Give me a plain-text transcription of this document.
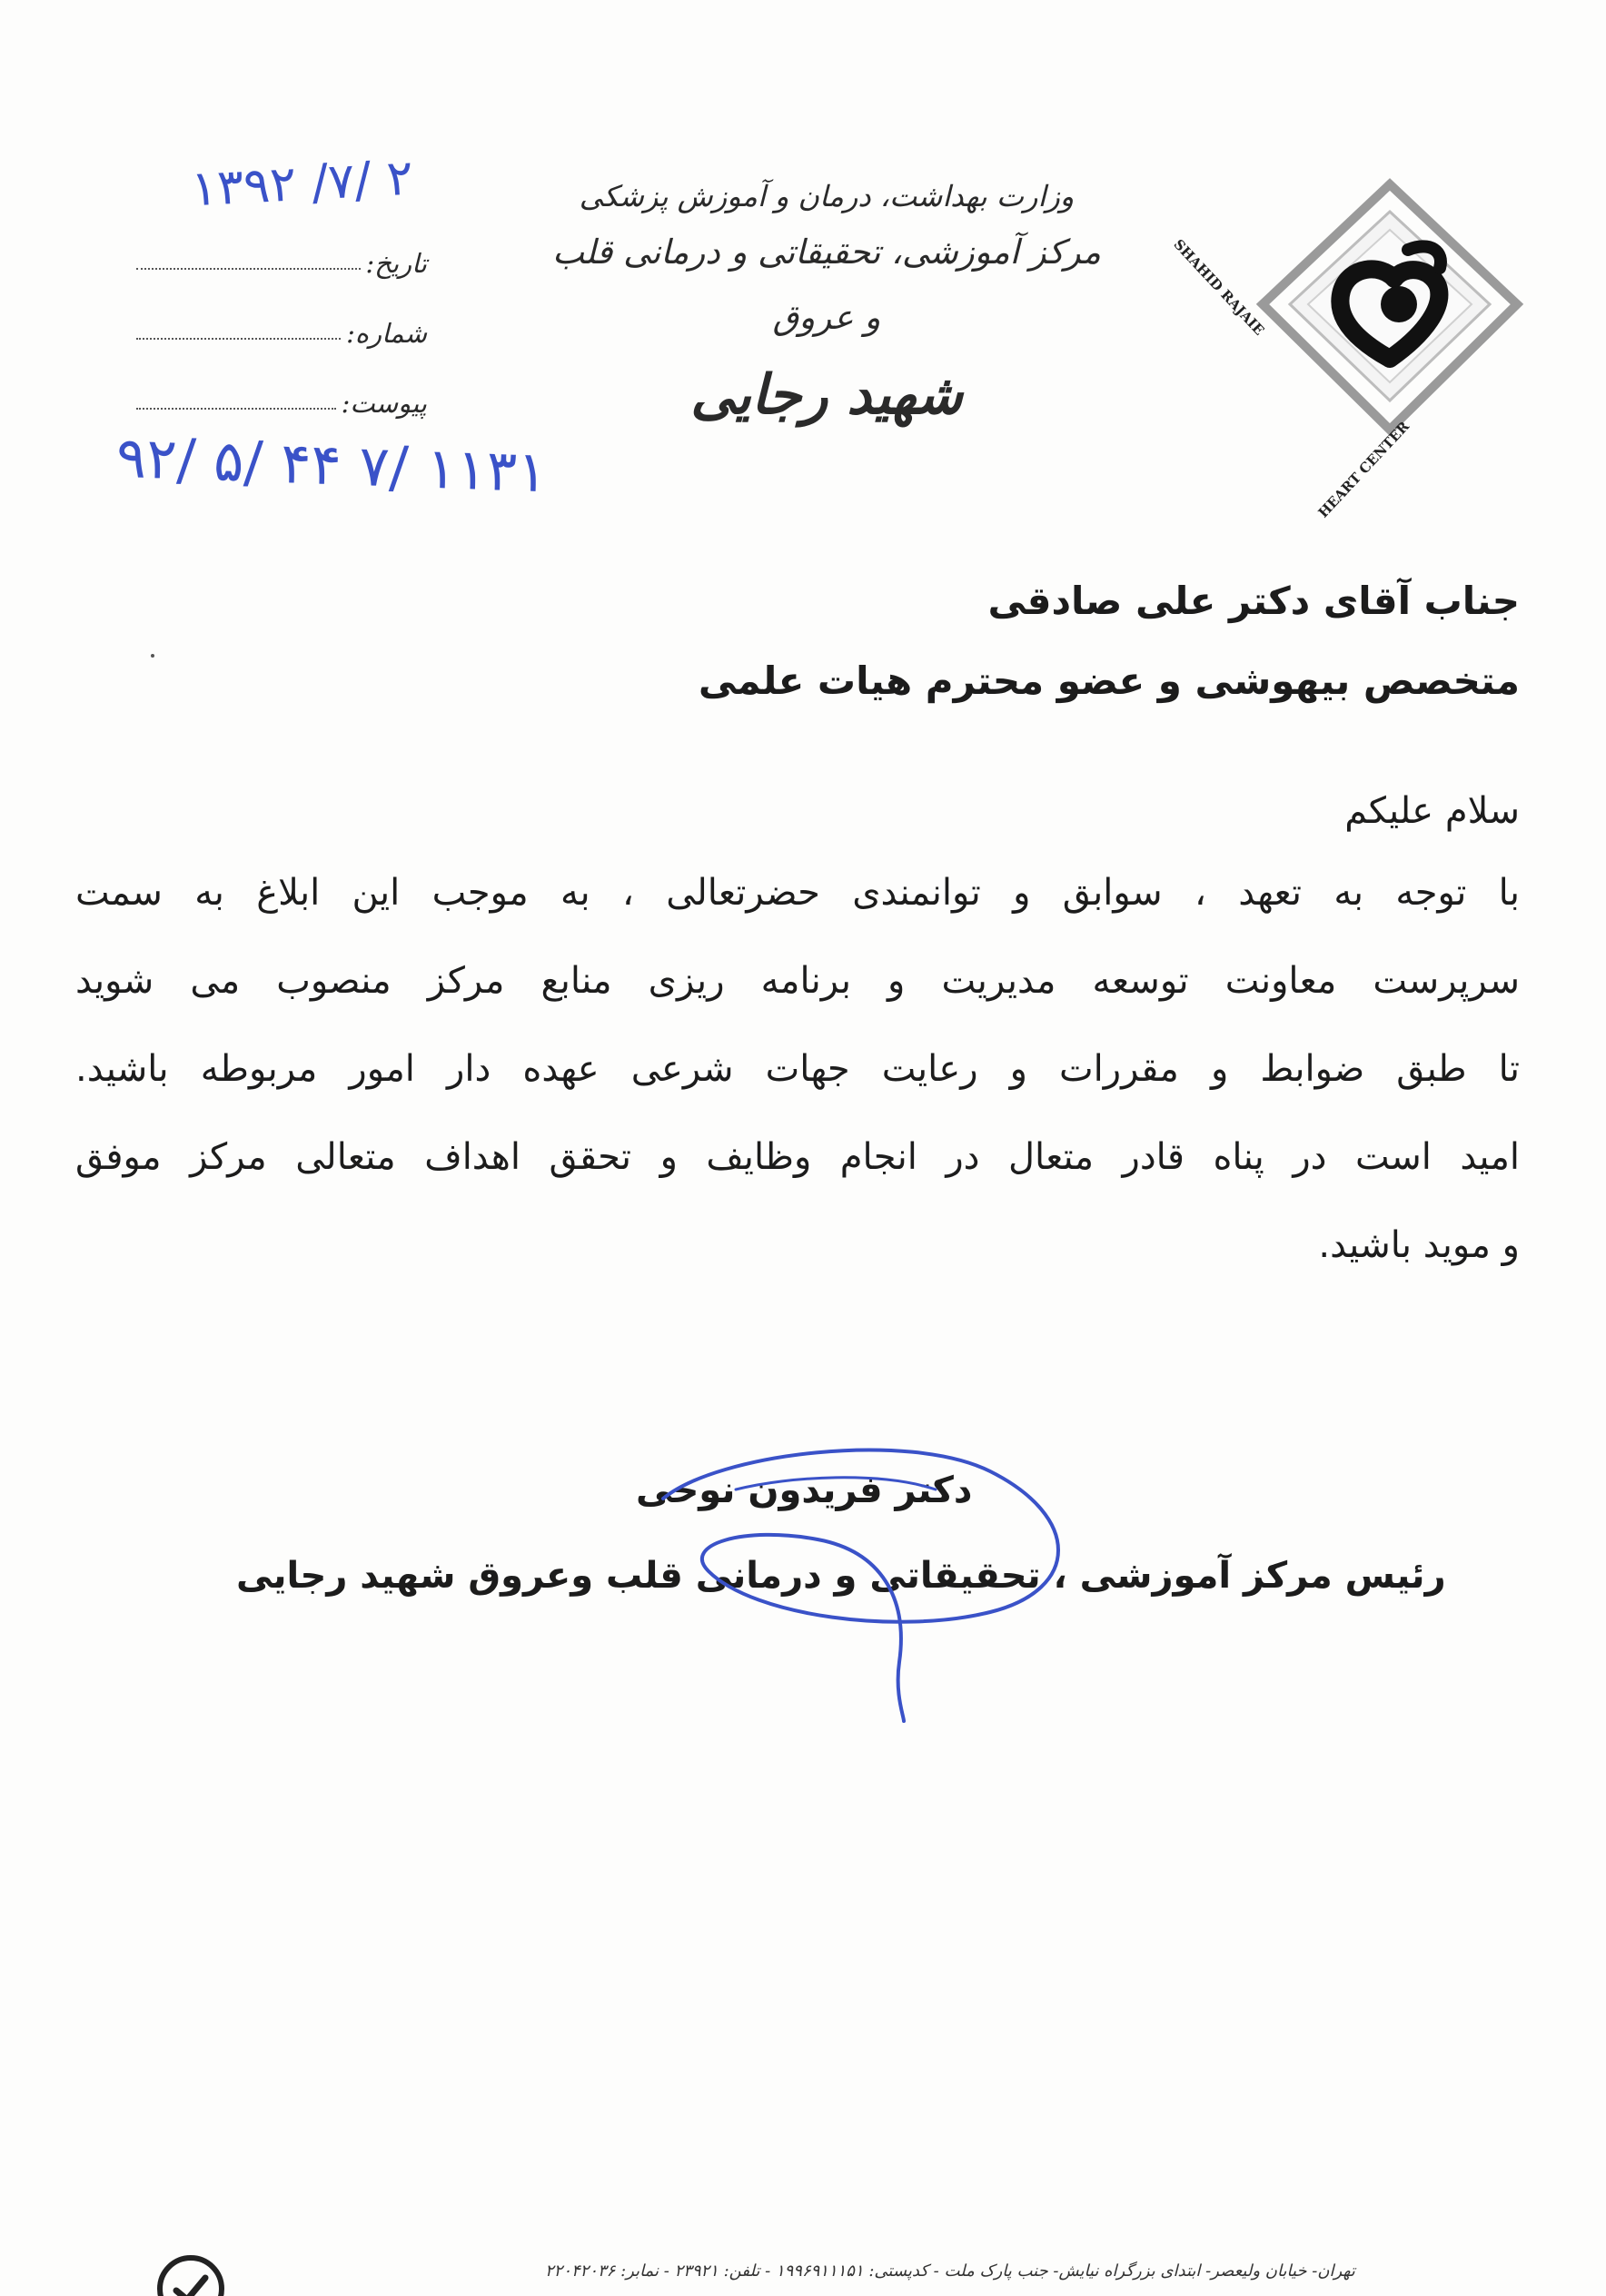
SHAHID RAJAIE
HEART CENTER
وزارت بهداشت، درمان و آموزش پزشکی
مرکز آموزشی، تحقیقاتی و درمانی قلب و عروق
شهید رجایی
۱۳۹۲ /۷/ ۲
تاریخ:
شماره:
پیوست:
۹۲/ ۵/ ۴۴ ۷/ ۱۱۳۱
جناب آقای دکتر علی صادقی
متخصص بیهوشی و عضو محترم هیات علمی
سلام علیکم
با توجه به تعهد ، سوابق و توانمندی حضرتعالی ، به موجب این ابلاغ به سمت
سرپرست معاونت توسعه مدیریت و برنامه ریزی منابع مرکز منصوب می شوید
تا طبق ضوابط و مقررات و رعایت جهات شرعی عهده دار امور مربوطه باشید.
امید است در پناه قادر متعال در انجام وظایف و تحقق اهداف متعالی مرکز موفق
و موید باشید.
دکتر فریدون نوحی
رئیس مرکز آموزشی ، تحقیقاتی و درمانی قلب وعروق شهید رجایی
تهران- خیابان ولیعصر- ابتدای بزرگراه نیایش- جنب پارک ملت - کدپستی: ۱۹۹۶۹۱۱۱۵۱ - تلفن: ۲۳۹۲۱ - نمابر: ۲۲۰۴۲۰۳۶
